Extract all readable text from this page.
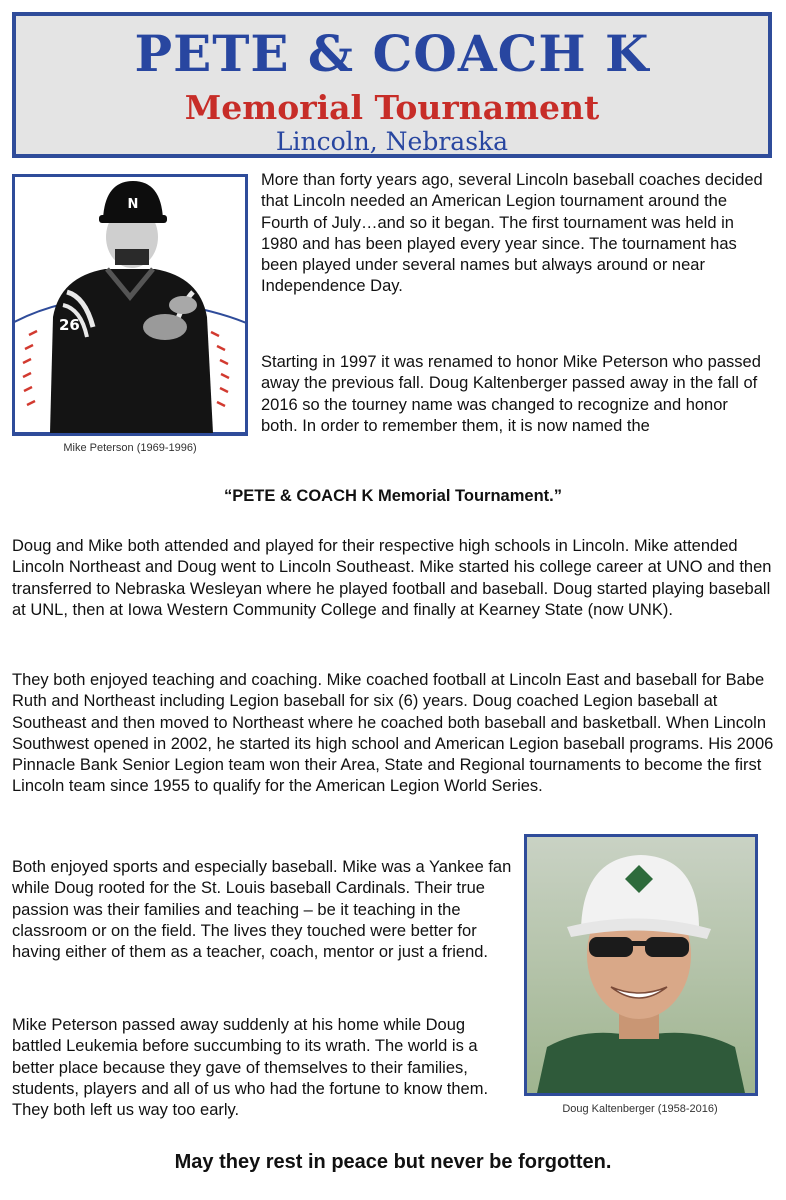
PETE & COACH K
Memorial Tournament
Lincoln, Nebraska
N
26
Mike Peterson (1969-1996)

More than forty years ago, several Lincoln baseball coaches decided that Lincoln needed an American Legion tournament around the Fourth of July…and so it began. The first tournament was held in 1980 and has been played every year since. The tournament has been played under several names but always around or near Independence Day.

Starting in 1997 it was renamed to honor Mike Peterson who passed away the previous fall. Doug Kaltenberger passed away in the fall of 2016 so the tourney name was changed to recognize and honor both. In order to remember them, it is now named the

“PETE & COACH K Memorial Tournament.”

Doug and Mike both attended and played for their respective high schools in Lincoln. Mike attended Lincoln Northeast and Doug went to Lincoln Southeast. Mike started his college career at UNO and then transferred to Nebraska Wesleyan where he played football and baseball. Doug started playing baseball at UNL, then at Iowa Western Community College and finally at Kearney State (now UNK).

They both enjoyed teaching and coaching. Mike coached football at Lincoln East and baseball for Babe Ruth and Northeast including Legion baseball for six (6) years. Doug coached Legion baseball at Southeast and then moved to Northeast where he coached both baseball and basketball. When Lincoln Southwest opened in 2002, he started its high school and American Legion baseball programs. His 2006 Pinnacle Bank Senior Legion team won their Area, State and Regional tournaments to become the first Lincoln team since 1955 to qualify for the American Legion World Series.

Both enjoyed sports and especially baseball. Mike was a Yankee fan while Doug rooted for the St. Louis baseball Cardinals. Their true passion was their families and teaching – be it teaching in the classroom or on the field. The lives they touched were better for having either of them as a teacher, coach, mentor or just a friend.

Mike Peterson passed away suddenly at his home while Doug battled Leukemia before succumbing to its wrath. The world is a better place because they gave of themselves to their families, students, players and all of us who had the fortune to know them. They both left us way too early.	Doug Kaltenberger (1958-2016)
May they rest in peace but never be forgotten.
